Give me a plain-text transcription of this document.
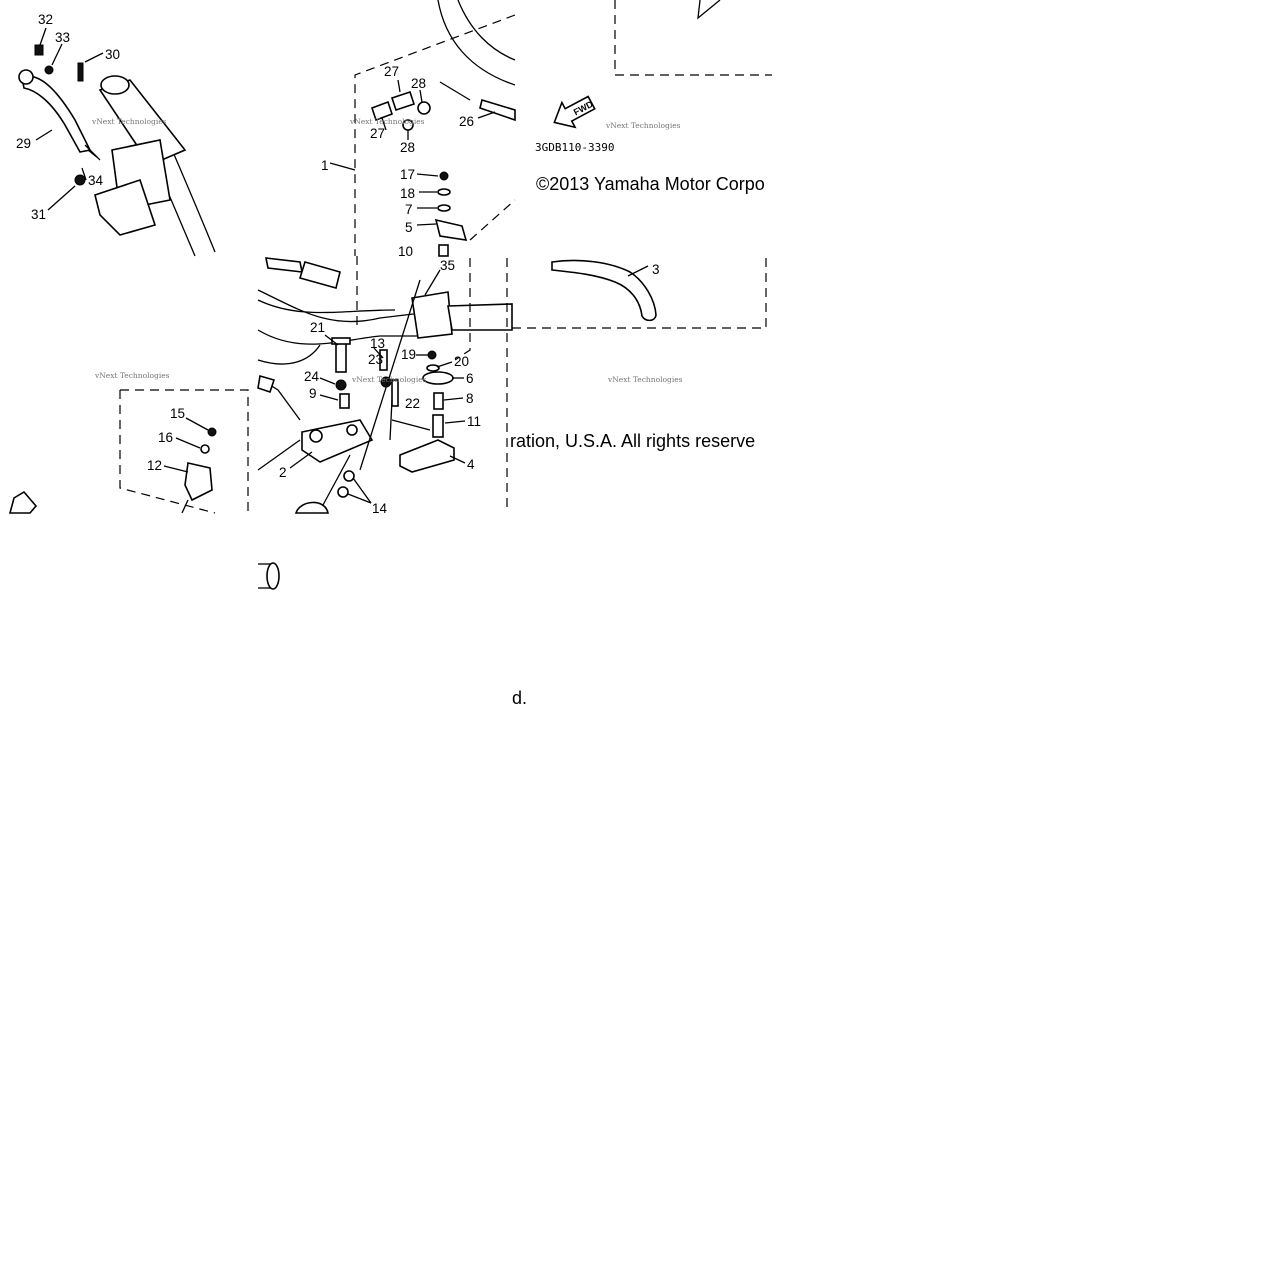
32
33
30
29
34
31
vNext Technologies
27
28
27
26
28
1
17
18
7
5
10
vNext Technologies
FWD
3GDB110-3390
©2013 Yamaha Motor Corpo
vNext Technologies
15
16
12
vNext Technologies
35
21
13
23 19	20
6
24
9
22	8
11
2
4
14
vNext Technologies
3
ration, U.S.A. All rights reserve
vNext Technologies
d.
